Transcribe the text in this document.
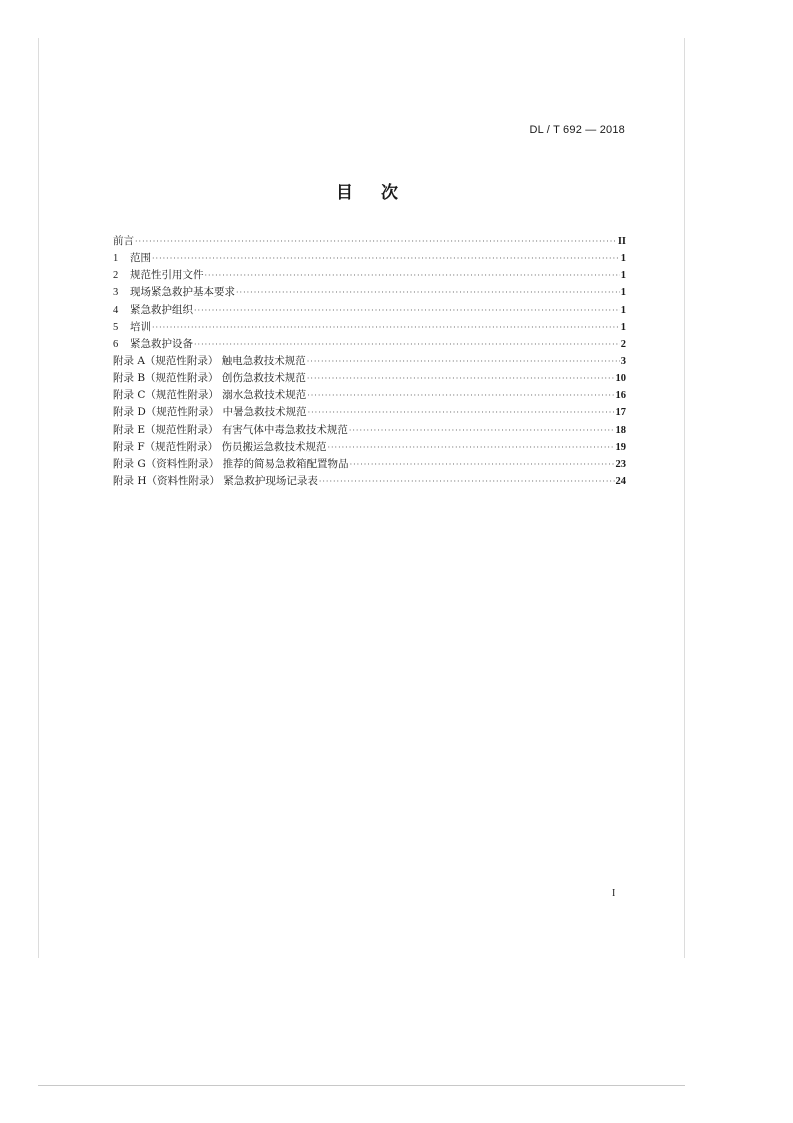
DL / T 692 — 2018
目次
前言 ·····	II
1 范围 ·····	1
2 规范性引用文件 ·····	1
3 现场紧急救护基本要求 ·····	1
4 紧急救护组织 ·····	1
5 培训 ·····	1
6 紧急救护设备 ·····	2
附录 A（规范性附录） 触电急救技术规范 ·····	3
附录 B（规范性附录） 创伤急救技术规范 ·····	10
附录 C（规范性附录） 溺水急救技术规范 ·····	16
附录 D（规范性附录） 中暑急救技术规范 ·····	17
附录 E（规范性附录） 有害气体中毒急救技术规范 ·····	18
附录 F（规范性附录） 伤员搬运急救技术规范 ·····	19
附录 G（资料性附录） 推荐的简易急救箱配置物品 ·····	23
附录 H（资料性附录） 紧急救护现场记录表 ·····	24
I
